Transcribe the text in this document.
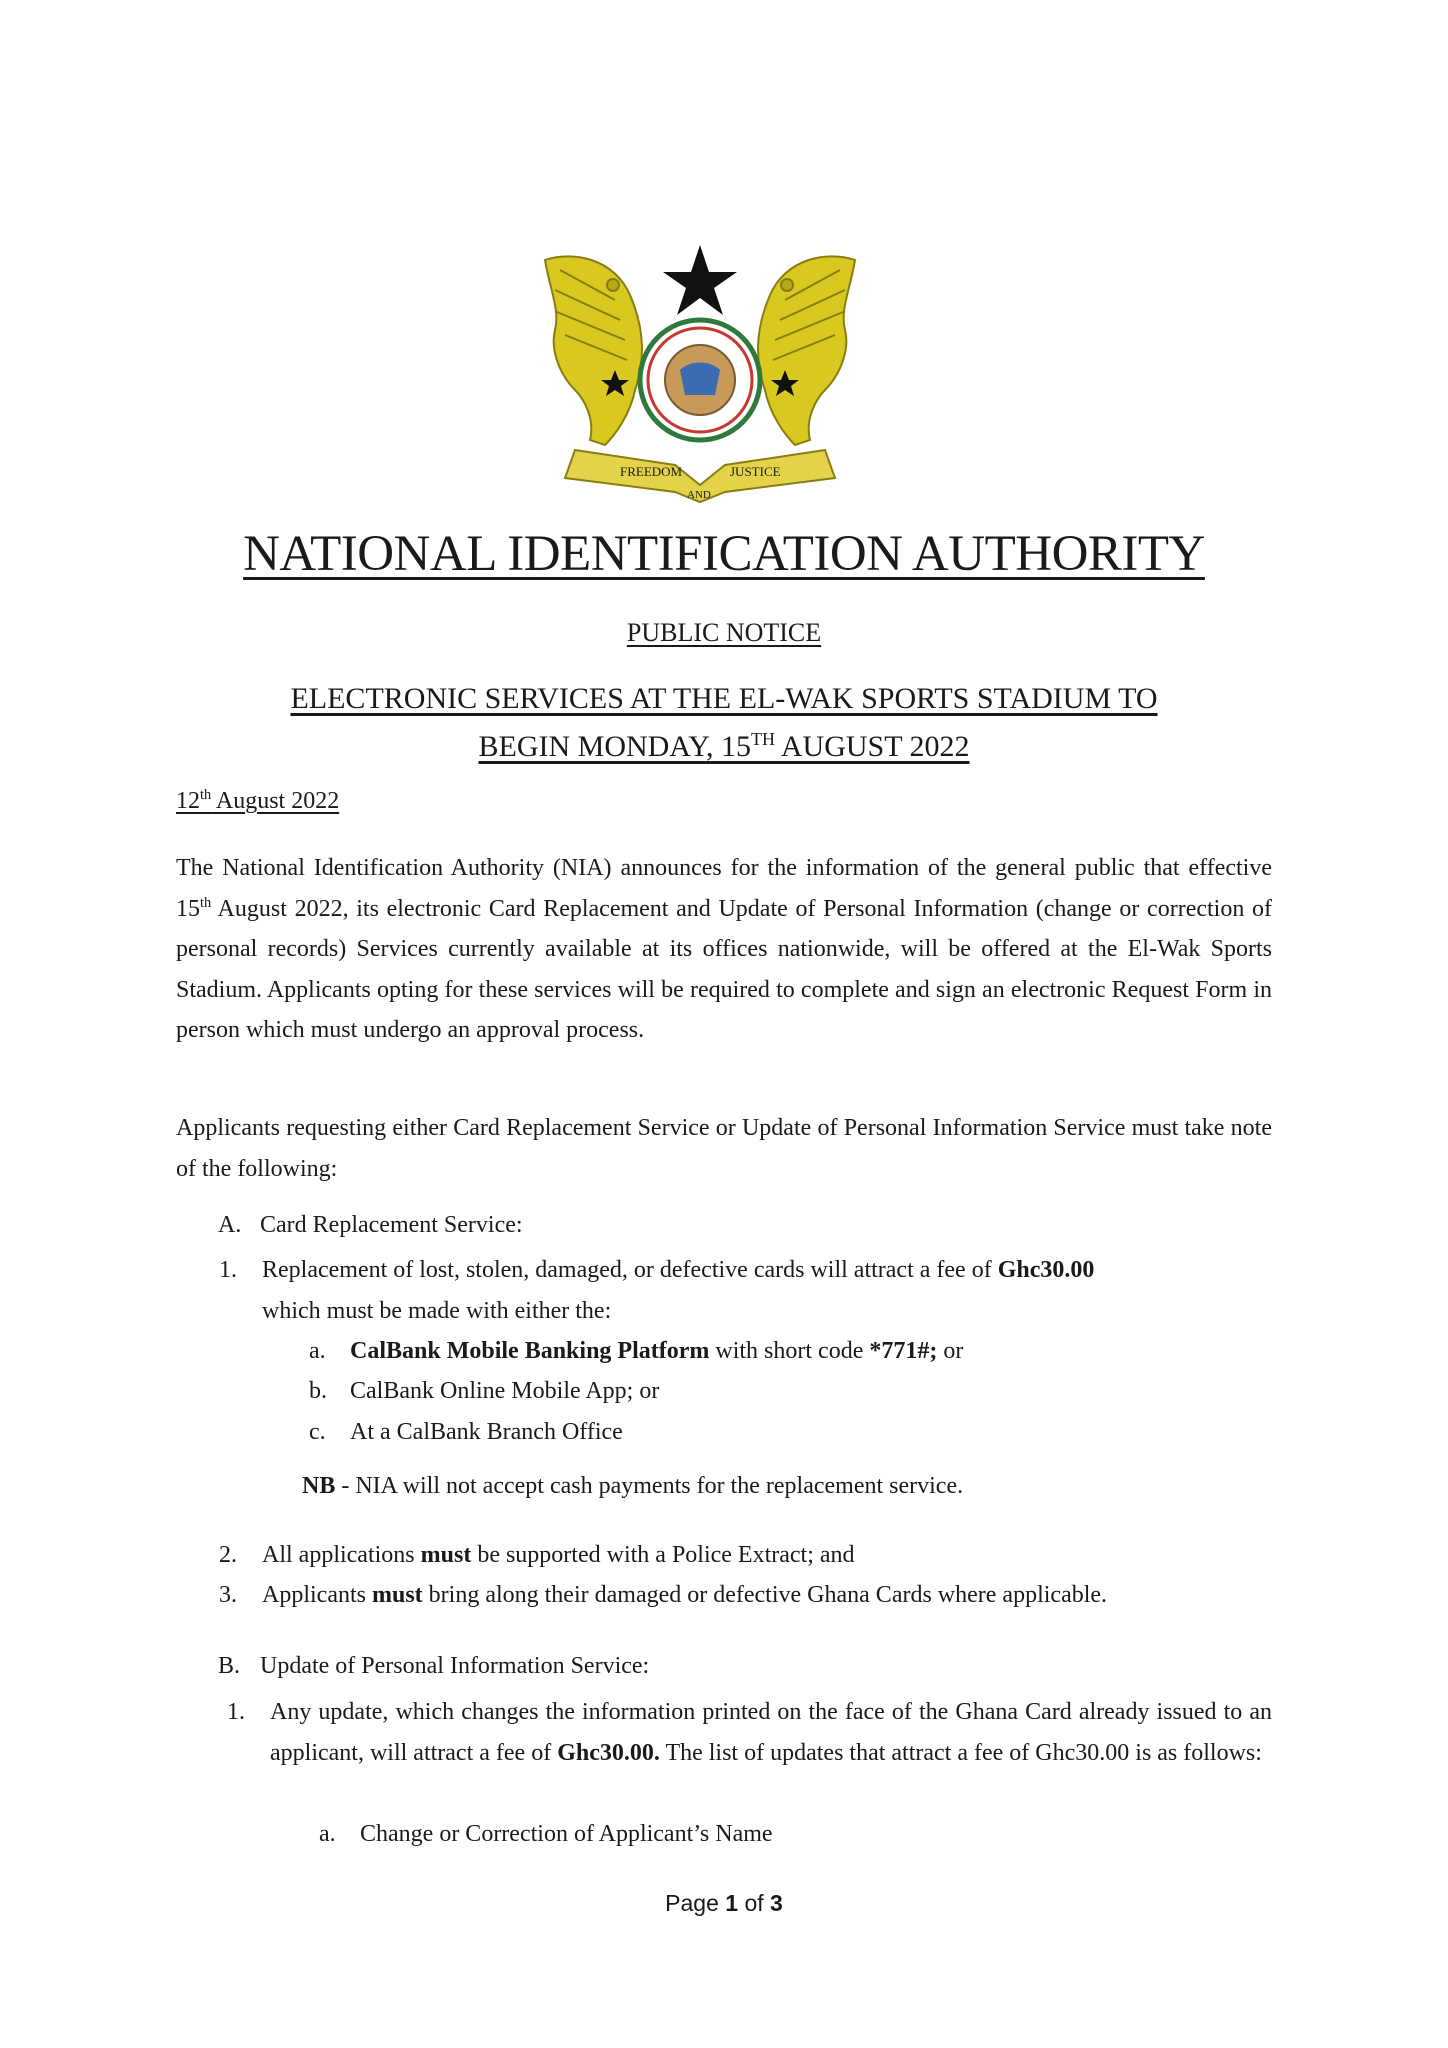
FREEDOM
AND
JUSTICE
NATIONAL IDENTIFICATION AUTHORITY
PUBLIC NOTICE
ELECTRONIC SERVICES AT THE EL-WAK SPORTS STADIUM TO
BEGIN MONDAY, 15TH AUGUST 2022
12th August 2022
The National Identification Authority (NIA) announces for the information of the general public that effective 15th August 2022, its electronic Card Replacement and Update of Personal Information (change or correction of personal records) Services currently available at its offices nationwide, will be offered at the El-Wak Sports Stadium. Applicants opting for these services will be required to complete and sign an electronic Request Form in person which must undergo an approval process.
Applicants requesting either Card Replacement Service or Update of Personal Information Service must take note of the following:
A. Card Replacement Service:
1. Replacement of lost, stolen, damaged, or defective cards will attract a fee of Ghc30.00
which must be made with either the:
a. CalBank Mobile Banking Platform with short code *771#; or
b. CalBank Online Mobile App; or
c. At a CalBank Branch Office
NB - NIA will not accept cash payments for the replacement service.
2. All applications must be supported with a Police Extract; and
3. Applicants must bring along their damaged or defective Ghana Cards where applicable.
B. Update of Personal Information Service:
1. Any update, which changes the information printed on the face of the Ghana Card already issued to an applicant, will attract a fee of Ghc30.00. The list of updates that attract a fee of Ghc30.00 is as follows:
a. Change or Correction of Applicant’s Name
Page 1 of 3
